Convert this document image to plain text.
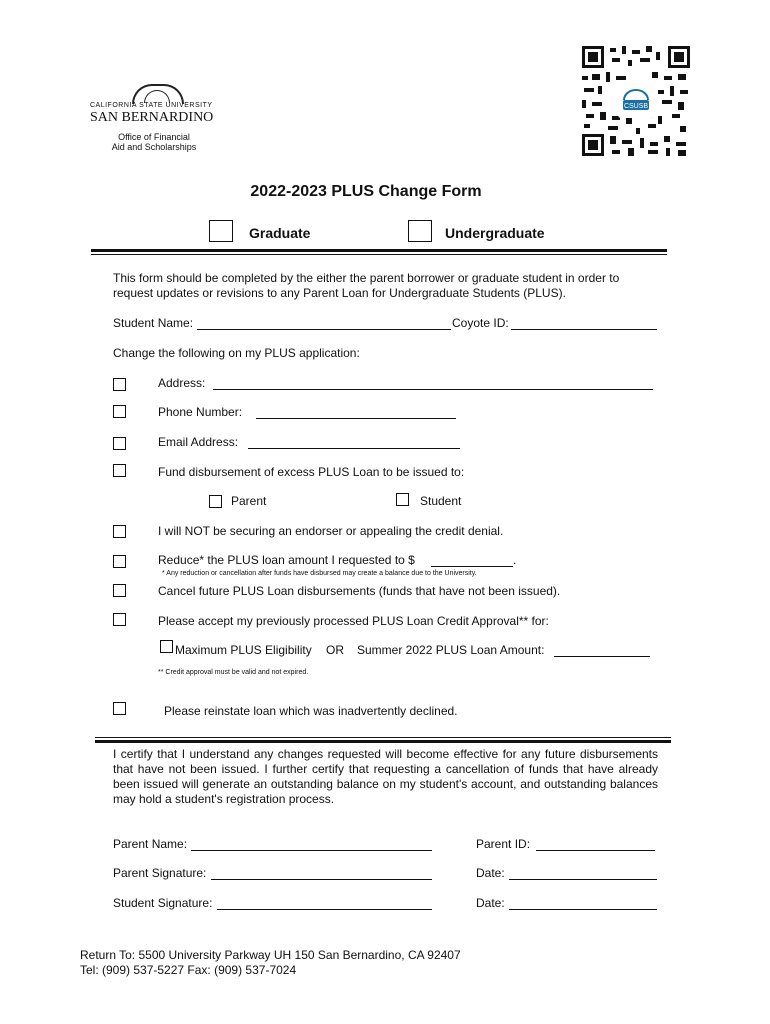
CALIFORNIA STATE UNIVERSITY
SAN BERNARDINO
Office of Financial
Aid and Scholarships
CSUSB
2022-2023 PLUS Change Form
Graduate	Undergraduate
This form should be completed by the either the parent borrower or graduate student in order to request updates or revisions to any Parent Loan for Undergraduate Students (PLUS).
Student Name:	Coyote ID:
Change the following on my PLUS application:
Address:
Phone Number:
Email Address:
Fund disbursement of excess PLUS Loan to be issued to:
Parent	Student
I will NOT be securing an endorser or appealing the credit denial.
Reduce* the PLUS loan amount I requested to $	.
* Any reduction or cancellation after funds have disbursed may create a balance due to the University.
Cancel future PLUS Loan disbursements (funds that have not been issued).
Please accept my previously processed PLUS Loan Credit Approval** for:
Maximum PLUS Eligibility OR Summer 2022 PLUS Loan Amount:
** Credit approval must be valid and not expired.
Please reinstate loan which was inadvertently declined.
I certify that I understand any changes requested will become effective for any future disbursements that have not been issued. I further certify that requesting a cancellation of funds that have already been issued will generate an outstanding balance on my student's account, and outstanding balances may hold a student's registration process.
Parent Name:	Parent ID:
Parent Signature:	Date:
Student Signature:	Date:
Return To: 5500 University Parkway UH 150 San Bernardino, CA 92407
Tel: (909) 537-5227 Fax: (909) 537-7024
